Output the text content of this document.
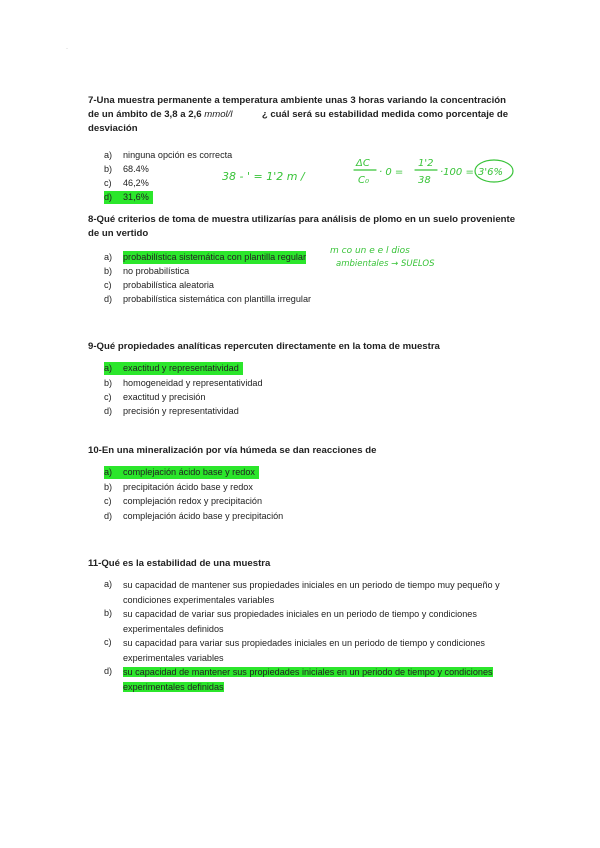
·
7-Una muestra permanente a temperatura ambiente unas 3 horas variando la concentración de un ámbito de 3,8 a 2,6 mmol/l	¿ cuál será su estabilidad medida como porcentaje de desviación
a)	ninguna opción es correcta
b)	68.4%
c)	46,2%
d)	31,6%
38 - ' = 1'2 m /
ΔC
C₀
· 0 =
1'2
38
·100 = 3'6%
8-Qué criterios de toma de muestra utilizarías para análisis de plomo en un suelo proveniente de un vertido
a)	probabilística sistemática con plantilla regular
b)	no probabilística
c)	probabilística aleatoria
d)	probabilística sistemática con plantilla irregular
m co un e e l dios
ambientales → SUELOS
9-Qué propiedades analíticas repercuten directamente en la toma de muestra
a)	exactitud y representatividad
b)	homogeneidad y representatividad
c)	exactitud y precisión
d)	precisión y representatividad
10-En una mineralización por vía húmeda se dan reacciones de
a)	complejación ácido base y redox
b)	precipitación ácido base y redox
c)	complejación redox y precipitación
d)	complejación ácido base y precipitación
11-Qué es la estabilidad de una muestra
a)	su capacidad de mantener sus propiedades iniciales en un periodo de tiempo muy pequeño y condiciones experimentales variables
b)	su capacidad de variar sus propiedades iniciales en un periodo de tiempo y condiciones experimentales definidos
c)	su capacidad para variar sus propiedades iniciales en un periodo de tiempo y condiciones experimentales variables
d)	su capacidad de mantener sus propiedades iniciales en un periodo de tiempo y condiciones experimentales definidas
